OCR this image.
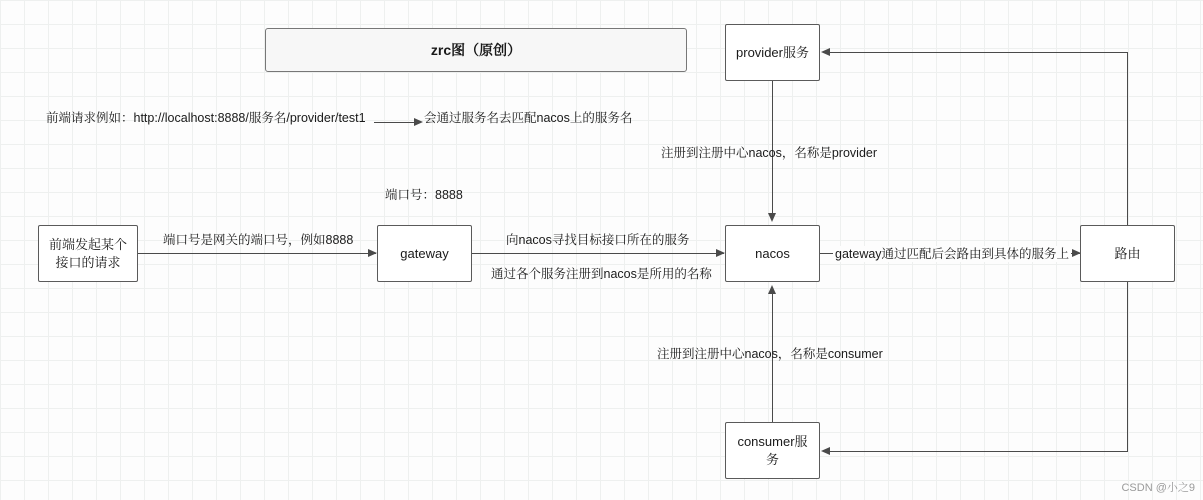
zrc图（原创）
前端请求例如：http://localhost:8888/服务名/provider/test1	会通过服务名去匹配nacos上的服务名
端口号：8888
前端发起某个
接口的请求
端口号是网关的端口号，例如8888
gateway
向nacos寻找目标接口所在的服务
通过各个服务注册到nacos是所用的名称
nacos	gateway通过匹配后会路由到具体的服务上	路由
provider服务
注册到注册中心nacos，名称是provider
consumer服
务
注册到注册中心nacos，名称是consumer
CSDN @小之9
